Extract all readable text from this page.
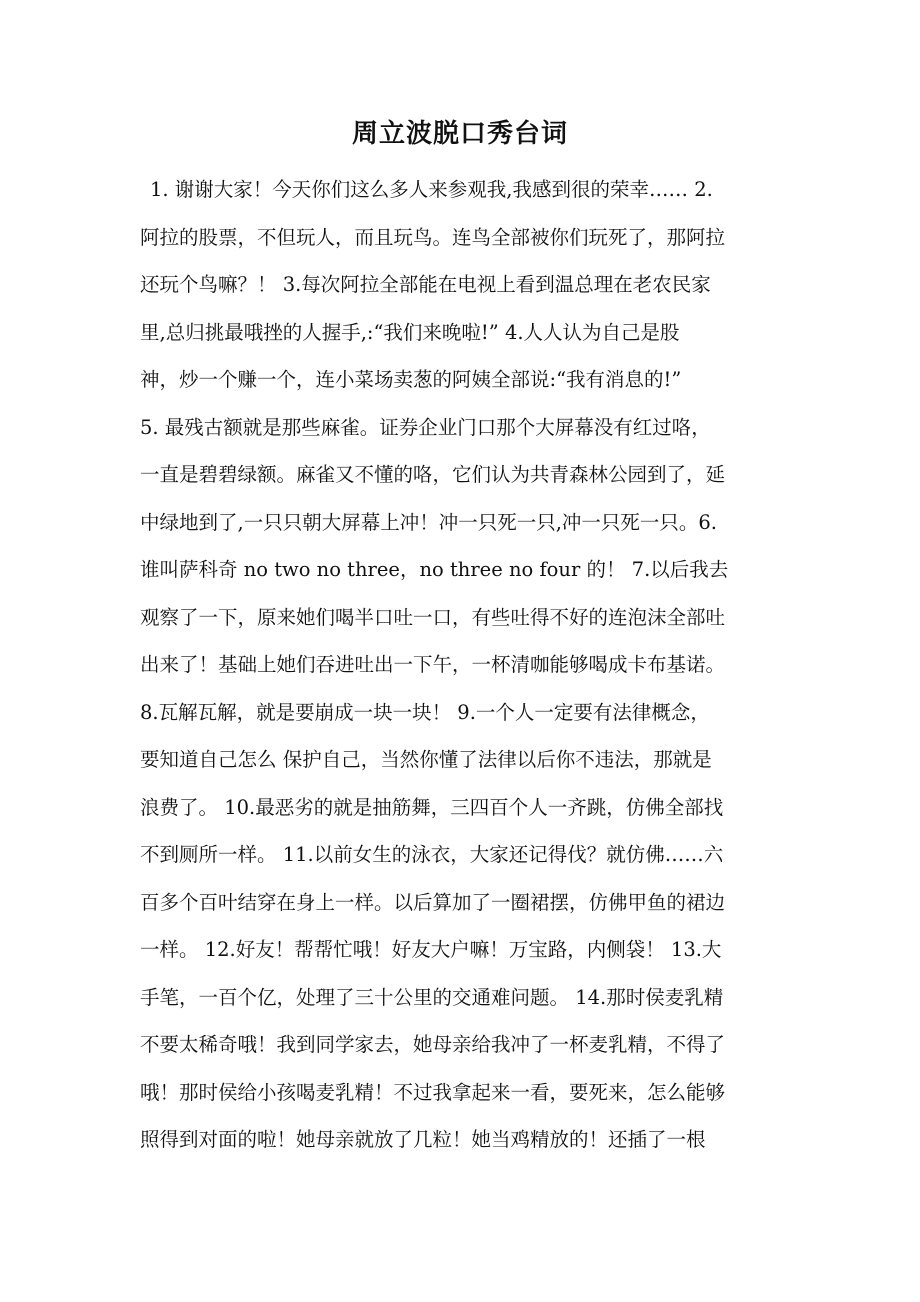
周立波脱口秀台词
1. 谢谢大家！今天你们这么多人来参观我,我感到很的荣幸…… 2.
阿拉的股票，不但玩人，而且玩鸟。连鸟全部被你们玩死了，那阿拉
还玩个鸟嘛？！ 3.每次阿拉全部能在电视上看到温总理在老农民家
里,总归挑最哦挫的人握手,:“我们来晚啦!” 4.人人认为自己是股
神，炒一个赚一个，连小菜场卖葱的阿姨全部说:“我有消息的!”
5. 最残古额就是那些麻雀。证券企业门口那个大屏幕没有红过咯，
一直是碧碧绿额。麻雀又不懂的咯，它们认为共青森林公园到了，延
中绿地到了,一只只朝大屏幕上冲！冲一只死一只,冲一只死一只。6.
谁叫萨科奇 no two no three，no three no four 的！ 7.以后我去
观察了一下，原来她们喝半口吐一口，有些吐得不好的连泡沫全部吐
出来了！基础上她们吞进吐出一下午，一杯清咖能够喝成卡布基诺。
8.瓦解瓦解，就是要崩成一块一块！ 9.一个人一定要有法律概念，
要知道自己怎么 保护自己，当然你懂了法律以后你不违法，那就是
浪费了。 10.最恶劣的就是抽筋舞，三四百个人一齐跳，仿佛全部找
不到厕所一样。 11.以前女生的泳衣，大家还记得伐？就仿佛……六
百多个百叶结穿在身上一样。以后算加了一圈裙摆，仿佛甲鱼的裙边
一样。 12.好友！帮帮忙哦！好友大户嘛！万宝路，内侧袋！ 13.大
手笔，一百个亿，处理了三十公里的交通难问题。 14.那时侯麦乳精
不要太稀奇哦！我到同学家去，她母亲给我冲了一杯麦乳精，不得了
哦！那时侯给小孩喝麦乳精！不过我拿起来一看，要死来，怎么能够
照得到对面的啦！她母亲就放了几粒！她当鸡精放的！还插了一根
